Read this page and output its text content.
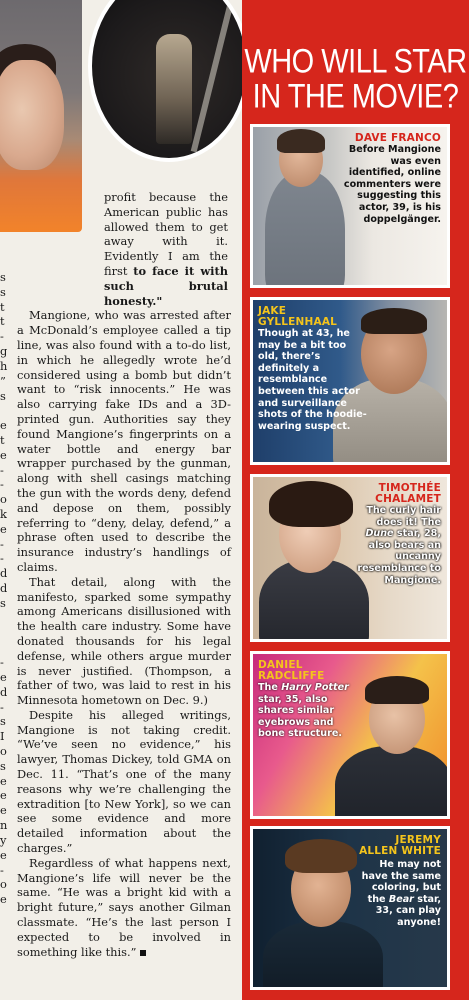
s
s
t
t
-
g
h
”
s
e
t
e
-
-
o
k
e
-
-
d
d
s
-
e
d
-
s
I
o
s
e
e
e
n
y
e
-
o
e

profit because the American public has allowed them to get away with it. Evidently I am the first to face it with such brutal honesty."

Mangione, who was arrested after a McDonald’s employee called a tip line, was also found with a to-do list, in which he allegedly wrote he’d considered using a bomb but didn’t want to “risk innocents.” He was also carrying fake IDs and a 3D-printed gun. Authorities say they found Mangione’s fingerprints on a water bottle and energy bar wrapper purchased by the gunman, along with shell casings matching the gun with the words deny, defend and depose on them, possibly referring to “deny, delay, defend,” a phrase often used to describe the insurance industry’s handlings of claims.

That detail, along with the manifesto, sparked some sympathy among Americans disillusioned with the health care industry. Some have donated thousands for his legal defense, while others argue murder is never justified. (Thompson, a father of two, was laid to rest in his Minnesota hometown on Dec. 9.)

Despite his alleged writings, Mangione is not taking credit. “We’ve seen no evidence,” his lawyer, Thomas Dickey, told GMA on Dec. 11. “That’s one of the many reasons why we’re challenging the extradition [to New York], so we can see some evidence and more detailed information about the charges.”

Regardless of what happens next, Mangione’s life will never be the same. “He was a bright kid with a bright future,” says another Gilman classmate. “He’s the last person I expected to be involved in something like this.”

WHO WILL STAR
IN THE MOVIE?
DAVE FRANCO
Before Mangione was even identified, online commenters were suggesting this actor, 39, is his doppelgänger.
JAKE
GYLLENHAAL
Though at 43, he may be a bit too old, there’s definitely a resemblance between this actor and surveillance shots of the hoodie-wearing suspect.
TIMOTHÉE
CHALAMET
The curly hair does it! The Dune star, 28, also bears an uncanny resemblance to Mangione.
DANIEL
RADCLIFFE
The Harry Potter star, 35, also shares similar eyebrows and bone structure.
JEREMY
ALLEN WHITE
He may not have the same coloring, but the Bear star, 33, can play anyone!
